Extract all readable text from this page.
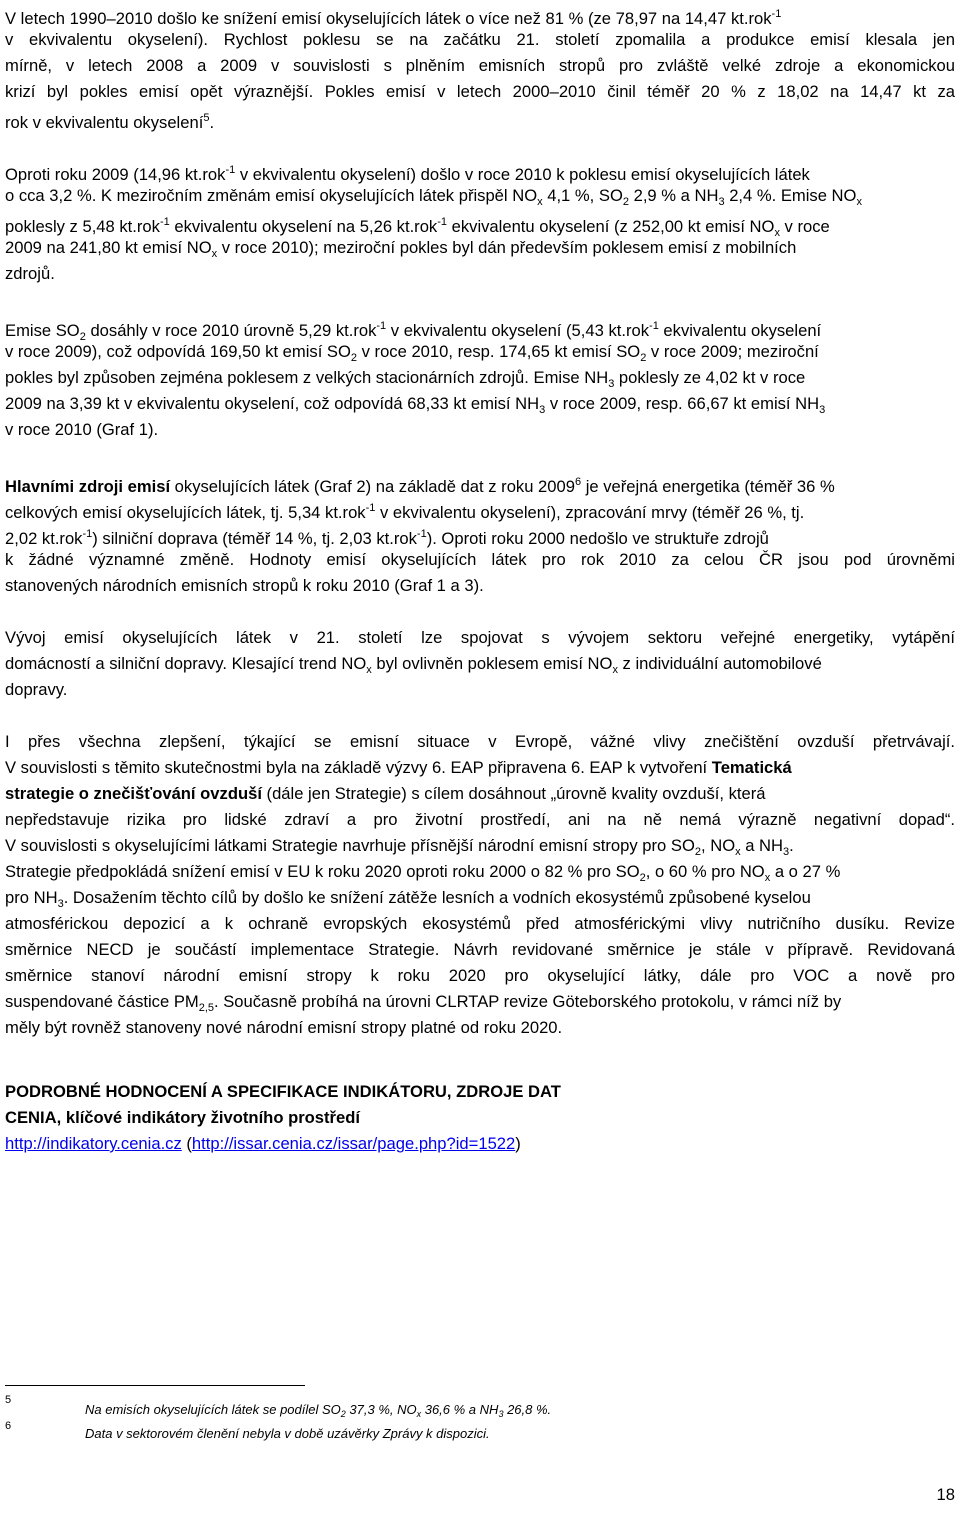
V letech 1990–2010 došlo ke snížení emisí okyselujících látek o více než 81 % (ze 78,97 na 14,47 kt.rok$^{-1}$
v ekvivalentu okyselení). Rychlost poklesu se na začátku 21. století zpomalila a produkce emisí klesala jen
mírně, v letech 2008 a 2009 v souvislosti s plněním emisních stropů pro zvláště velké zdroje a ekonomickou
krizí byl pokles emisí opět výraznější. Pokles emisí v letech 2000–2010 činil téměř 20 % z 18,02 na 14,47 kt za
rok v ekvivalentu okyselení$^5$.
Oproti roku 2009 (14,96 kt.rok$^{-1}$ v ekvivalentu okyselení) došlo v roce 2010 k poklesu emisí okyselujících látek
o cca 3,2 %. K meziročním změnám emisí okyselujících látek přispěl $NO_x$ 4,1 %, $SO_2$ 2,9 % a $NH_3$ 2,4 %. Emise $NO_x$
poklesly z 5,48 kt.rok$^{-1}$ ekvivalentu okyselení na 5,26 kt.rok$^{-1}$ ekvivalentu okyselení (z 252,00 kt emisí $NO_x$ v roce
2009 na 241,80 kt emisí $NO_x$ v roce 2010); meziroční pokles byl dán především poklesem emisí z mobilních
zdrojů.
Emise $SO_2$ dosáhly v roce 2010 úrovně 5,29 kt.rok$^{-1}$ v ekvivalentu okyselení (5,43 kt.rok$^{-1}$ ekvivalentu okyselení
v roce 2009), což odpovídá 169,50 kt emisí $SO_2$ v roce 2010, resp. 174,65 kt emisí $SO_2$ v roce 2009; meziroční
pokles byl způsoben zejména poklesem z velkých stacionárních zdrojů. Emise $NH_3$ poklesly ze 4,02 kt v roce
2009 na 3,39 kt v ekvivalentu okyselení, což odpovídá 68,33 kt emisí $NH_3$ v roce 2009, resp. 66,67 kt emisí $NH_3$
v roce 2010 (Graf 1).
Hlavními zdroji emisí okyselujících látek (Graf 2) na základě dat z roku 2009$^6$ je veřejná energetika (téměř 36 %
celkových emisí okyselujících látek, tj. 5,34 kt.rok$^{-1}$ v ekvivalentu okyselení), zpracování mrvy (téměř 26 %, tj.
2,02 kt.rok$^{-1}$) silniční doprava (téměř 14 %, tj. 2,03 kt.rok$^{-1}$). Oproti roku 2000 nedošlo ve struktuře zdrojů
k žádné významné změně. Hodnoty emisí okyselujících látek pro rok 2010 za celou ČR jsou pod úrovněmi
stanovených národních emisních stropů k roku 2010 (Graf 1 a 3).
Vývoj emisí okyselujících látek v 21. století lze spojovat s vývojem sektoru veřejné energetiky, vytápění
domácností a silniční dopravy. Klesající trend $NO_x$ byl ovlivněn poklesem emisí $NO_x$ z individuální automobilové
dopravy.
I přes všechna zlepšení, týkající se emisní situace v Evropě, vážné vlivy znečištění ovzduší přetrvávají.
V souvislosti s těmito skutečnostmi byla na základě výzvy 6. EAP připravena 6. EAP k vytvoření Tematická
strategie o znečišťování ovzduší (dále jen Strategie) s cílem dosáhnout „úrovně kvality ovzduší, která
nepředstavuje rizika pro lidské zdraví a pro životní prostředí, ani na ně nemá výrazně negativní dopad“.
V souvislosti s okyselujícími látkami Strategie navrhuje přísnější národní emisní stropy pro $SO_2$, $NO_x$ a $NH_3$.
Strategie předpokládá snížení emisí v EU k roku 2020 oproti roku 2000 o 82 % pro $SO_2$, o 60 % pro $NO_x$ a o 27 %
pro $NH_3$. Dosažením těchto cílů by došlo ke snížení zátěže lesních a vodních ekosystémů způsobené kyselou
atmosférickou depozicí a k ochraně evropských ekosystémů před atmosférickými vlivy nutričního dusíku. Revize
směrnice NECD je součástí implementace Strategie. Návrh revidované směrnice je stále v přípravě. Revidovaná
směrnice stanoví národní emisní stropy k roku 2020 pro okyselující látky, dále pro VOC a nově pro
suspendované částice $PM_{2,5}$. Současně probíhá na úrovni CLRTAP revize Göteborského protokolu, v rámci níž by
měly být rovněž stanoveny nové národní emisní stropy platné od roku 2020.
PODROBNÉ HODNOCENÍ A SPECIFIKACE INDIKÁTORU, ZDROJE DAT
CENIA, klíčové indikátory životního prostředí
http://indikatory.cenia.cz (http://issar.cenia.cz/issar/page.php?id=1522)
5
6
Na emisích okyselujících látek se podílel $SO_2$ 37,3 %, $NO_x$ 36,6 % a $NH_3$ 26,8 %.
Data v sektorovém členění nebyla v době uzávěrky Zprávy k dispozici.
18
